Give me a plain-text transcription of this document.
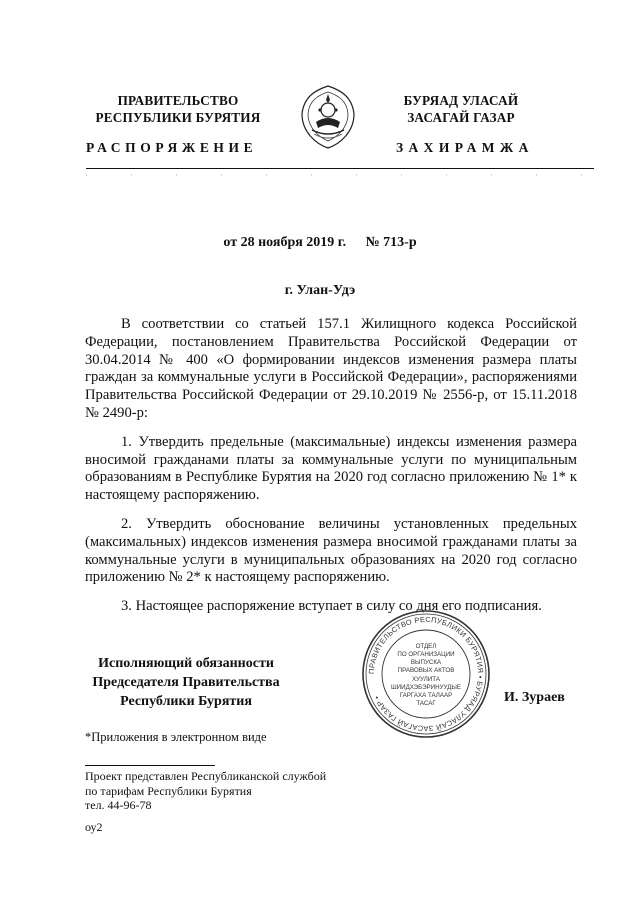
ПРАВИТЕЛЬСТВО
РЕСПУБЛИКИ БУРЯТИЯ
БУРЯАД УЛАСАЙ
ЗАСАГАЙ ГАЗАР
РАСПОРЯЖЕНИЕ	ЗАХИРАМЖА
от 28 ноября 2019 г. № 713-р
г. Улан-Удэ

В соответствии со статьей 157.1 Жилищного кодекса Российской Федерации, постановлением Правительства Российской Федерации от 30.04.2014 № 400 «О формировании индексов изменения размера платы граждан за коммунальные услуги в Российской Федерации», распоряжениями Правительства Российской Федерации от 29.10.2019 № 2556-р, от 15.11.2018 № 2490-р:

1. Утвердить предельные (максимальные) индексы изменения размера вносимой гражданами платы за коммунальные услуги по муниципальным образованиям в Республике Бурятия на 2020 год согласно приложению № 1* к настоящему распоряжению.

2. Утвердить обоснование величины установленных предельных (максимальных) индексов изменения размера вносимой гражданами платы за коммунальные услуги в муниципальных образованиях на 2020 год согласно приложению № 2* к настоящему распоряжению.

3. Настоящее распоряжение вступает в силу со дня его подписания.

Исполняющий обязанности
Председателя Правительства
Республики Бурятия
ПРАВИТЕЛЬСТВО РЕСПУБЛИКИ БУРЯТИЯ • БУРЯАД УЛАСАЙ ЗАСАГАЙ ГАЗАР •
ОТДЕЛ
ПО ОРГАНИЗАЦИИ
ВЫПУСКА
ПРАВОВЫХ АКТОВ
ХУУЛИТА
ШИИДХЭБЭРИНУУДЫЕ
ГАРГАХА ТАЛААР
ТАСАГ	И. Зураев
*Приложения в электронном виде
Проект представлен Республиканской службой
по тарифам Республики Бурятия
тел. 44-96-78
оу2
